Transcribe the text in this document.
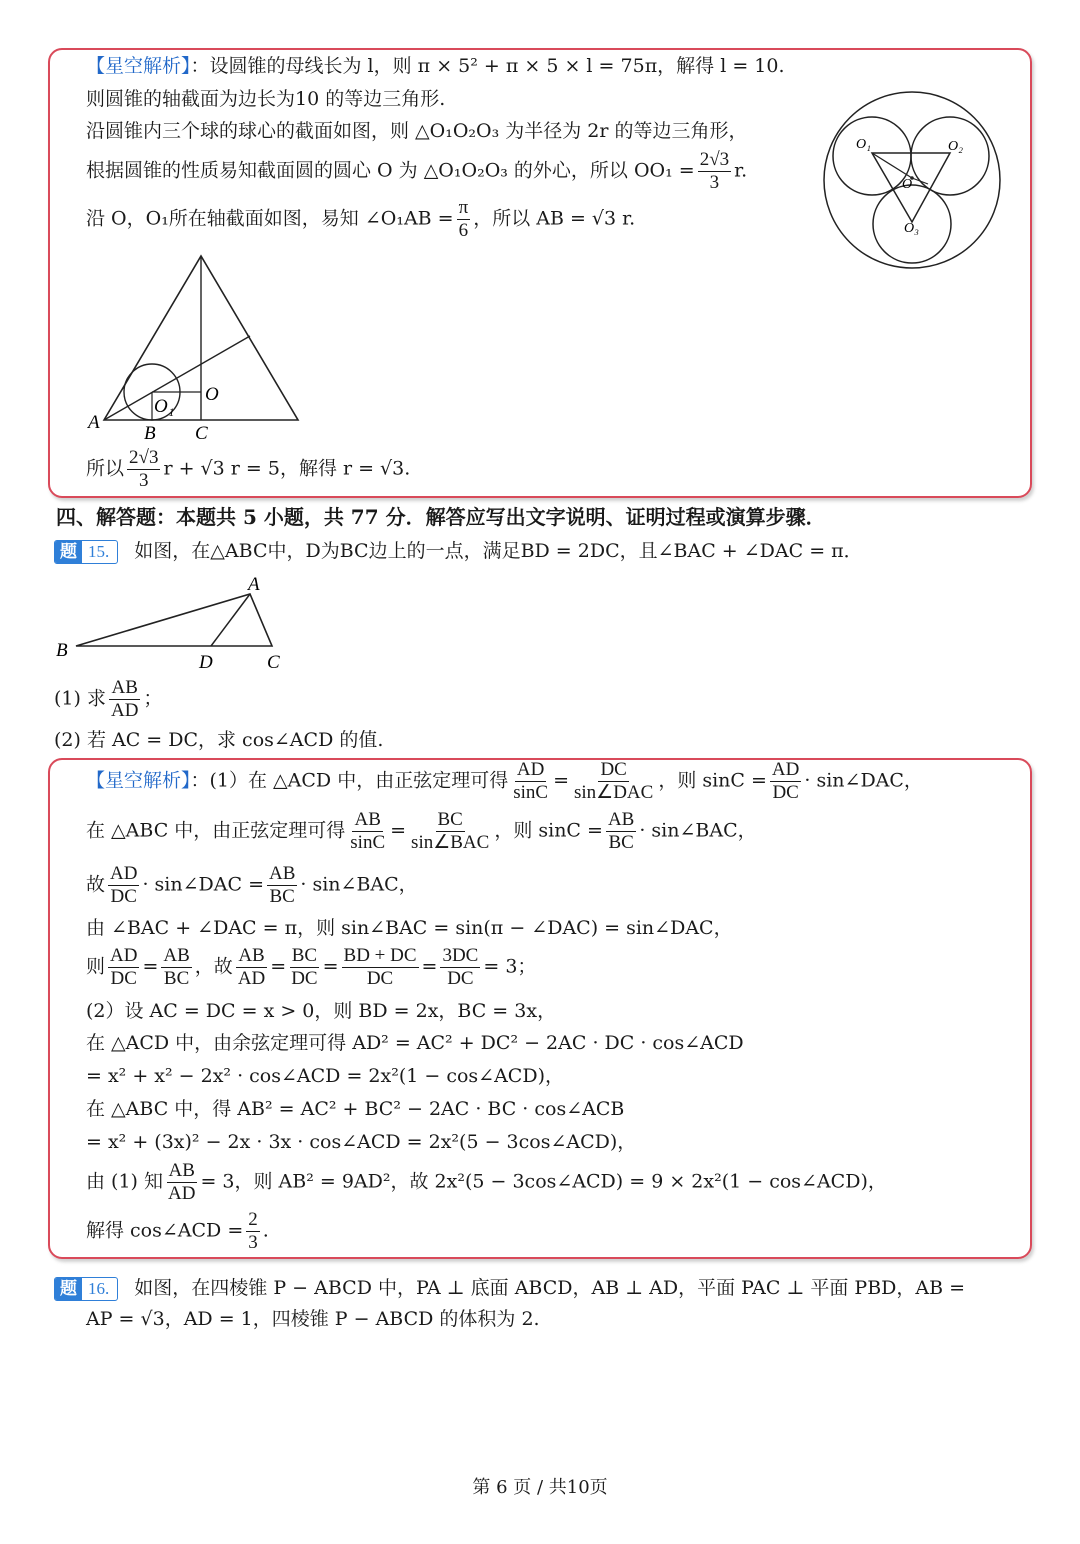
【星空解析】：设圆锥的母线长为 l，则 π × 5² + π × 5 × l = 75π，解得 l = 10.
则圆锥的轴截面为边长为10 的等边三角形.
沿圆锥内三个球的球心的截面如图，则 △O₁O₂O₃ 为半径为 2r 的等边三角形，
根据圆锥的性质易知截面圆的圆心 O 为 △O₁O₂O₃ 的外心，所以 $OO_1 = \frac{2√3}{3} r$.
沿 O，O₁所在轴截面如图，易知 ∠O₁AB = $\frac{\pi}{6}$ ，所以 AB = √3 r.
O₁	O₂
O₃
O
A
B C
O
O₁
所以 $\frac{2√3}{3}$ r + √3 r = 5，解得 r = √3.
四、解答题：本题共 5 小题，共 77 分．解答应写出文字说明、证明过程或演算步骤．
题 15. 如图，在△ABC中，D为BC边上的一点，满足BD = 2DC，且∠BAC + ∠DAC = π．
A
B
D	C
(1) 求 $\frac{AB}{AD}$ ；
(2) 若 AC = DC，求 cos∠ACD 的值.
【星空解析】：(1）在 △ACD 中，由正弦定理可得 $\frac{AD}{\sin C} = \frac{DC}{\text{sin∠DAC}}$ ，则 $\sin C = \frac{AD}{DC}$ · sin∠DAC，
在 △ABC 中，由正弦定理可得 $\frac{AB}{\sin C} = \frac{BC}{\text{sin∠BAC}}$ ，则 $\sin C = \frac{AB}{BC}$ · sin∠BAC，
故 $\frac{AD}{DC}$ · sin∠DAC = $\frac{AB}{BC}$ · sin∠BAC，
由 ∠BAC + ∠DAC = π，则 sin∠BAC = sin(π − ∠DAC) = sin∠DAC，
则 $\frac{AD}{DC} = \frac{AB}{BC}$ ，故 $\frac{AB}{AD} = \frac{BC}{DC} = \frac{BD + DC}{DC} = \frac{3DC}{DC} = 3$；
(2）设 AC = DC = x > 0，则 BD = 2x，BC = 3x，
在 △ACD 中，由余弦定理可得 AD² = AC² + DC² − 2AC · DC · cos∠ACD
= x² + x² − 2x² · cos∠ACD = 2x²(1 − cos∠ACD)，
在 △ABC 中，得 AB² = AC² + BC² − 2AC · BC · cos∠ACB
= x² + (3x)² − 2x · 3x · cos∠ACD = 2x²(5 − 3cos∠ACD)，
由 (1) 知 $\frac{AB}{AD} = 3$，则 AB² = 9AD²，故 2x²(5 − 3cos∠ACD) = 9 × 2x²(1 − cos∠ACD)，
解得 cos∠ACD = $\frac{2}{3}$ .
题 16. 如图，在四棱锥 P − ABCD 中，PA ⊥ 底面 ABCD，AB ⊥ AD，平面 PAC ⊥ 平面 PBD，AB =
AP = √3，AD = 1，四棱锥 P − ABCD 的体积为 2.
第 6 页 / 共10页
